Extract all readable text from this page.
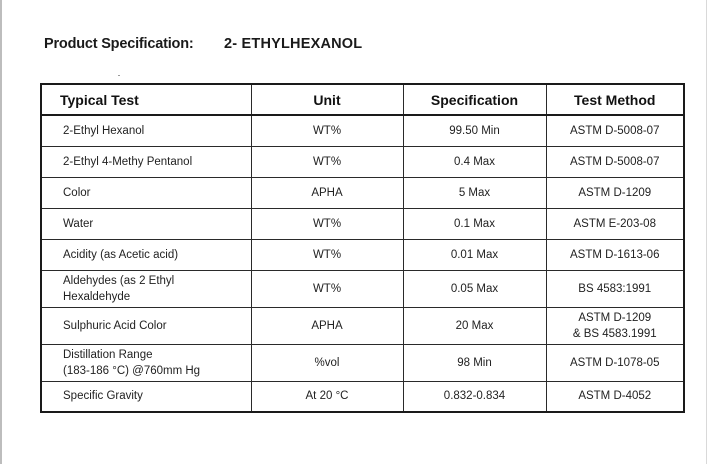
Product Specification: 2- ETHYLHEXANOL
Typical Test	Unit	Specification	Test Method
2-Ethyl Hexanol	WT%	99.50 Min	ASTM D-5008-07
2-Ethyl 4-Methy Pentanol	WT%	0.4 Max	ASTM D-5008-07
Color	APHA	5 Max	ASTM D-1209
Water	WT%	0.1 Max	ASTM E-203-08
Acidity (as Acetic acid)	WT%	0.01 Max	ASTM D-1613-06

Aldehydes (as 2 Ethyl
Hexaldehyde	WT%	0.05 Max	BS 4583:1991
Sulphuric Acid Color	APHA	20 Max	ASTM D-1209
& BS 4583.1991

Distillation Range
(183-186 °C) @760mm Hg	%vol	98 Min	ASTM D-1078-05
Specific Gravity	At 20 °C	0.832-0.834	ASTM D-4052
